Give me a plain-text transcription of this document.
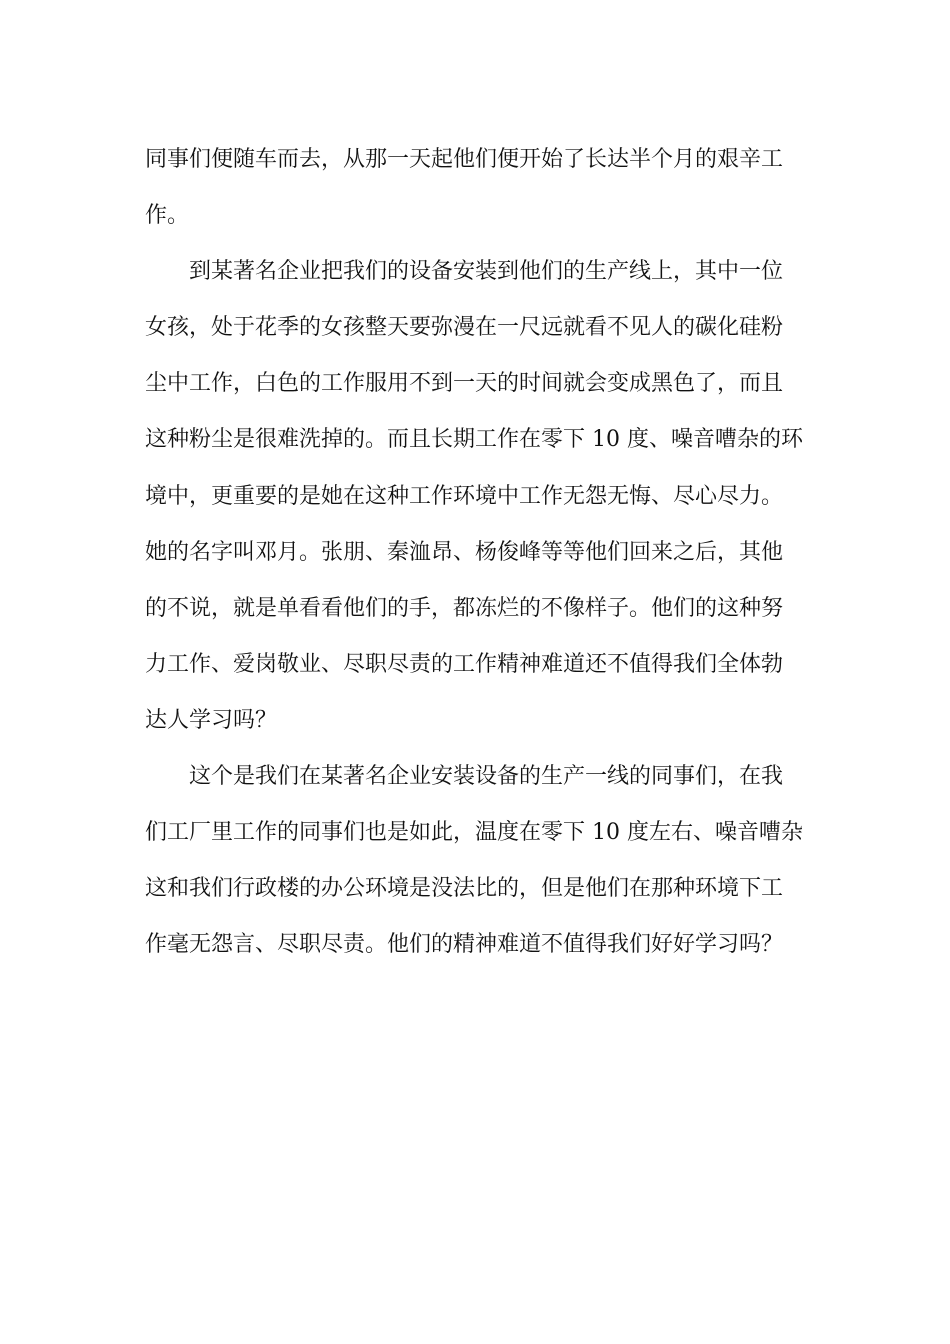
同事们便随车而去，从那一天起他们便开始了长达半个月的艰辛工
作。
到某著名企业把我们的设备安装到他们的生产线上，其中一位
女孩，处于花季的女孩整天要弥漫在一尺远就看不见人的碳化硅粉
尘中工作，白色的工作服用不到一天的时间就会变成黑色了，而且
这种粉尘是很难洗掉的。而且长期工作在零下 10 度、噪音嘈杂的环
境中，更重要的是她在这种工作环境中工作无怨无悔、尽心尽力。
她的名字叫邓月。张朋、秦洫昂、杨俊峰等等他们回来之后，其他
的不说，就是单看看他们的手，都冻烂的不像样子。他们的这种努
力工作、爱岗敬业、尽职尽责的工作精神难道还不值得我们全体勃
达人学习吗？
这个是我们在某著名企业安装设备的生产一线的同事们，在我
们工厂里工作的同事们也是如此，温度在零下 10 度左右、噪音嘈杂
这和我们行政楼的办公环境是没法比的，但是他们在那种环境下工
作毫无怨言、尽职尽责。他们的精神难道不值得我们好好学习吗？
